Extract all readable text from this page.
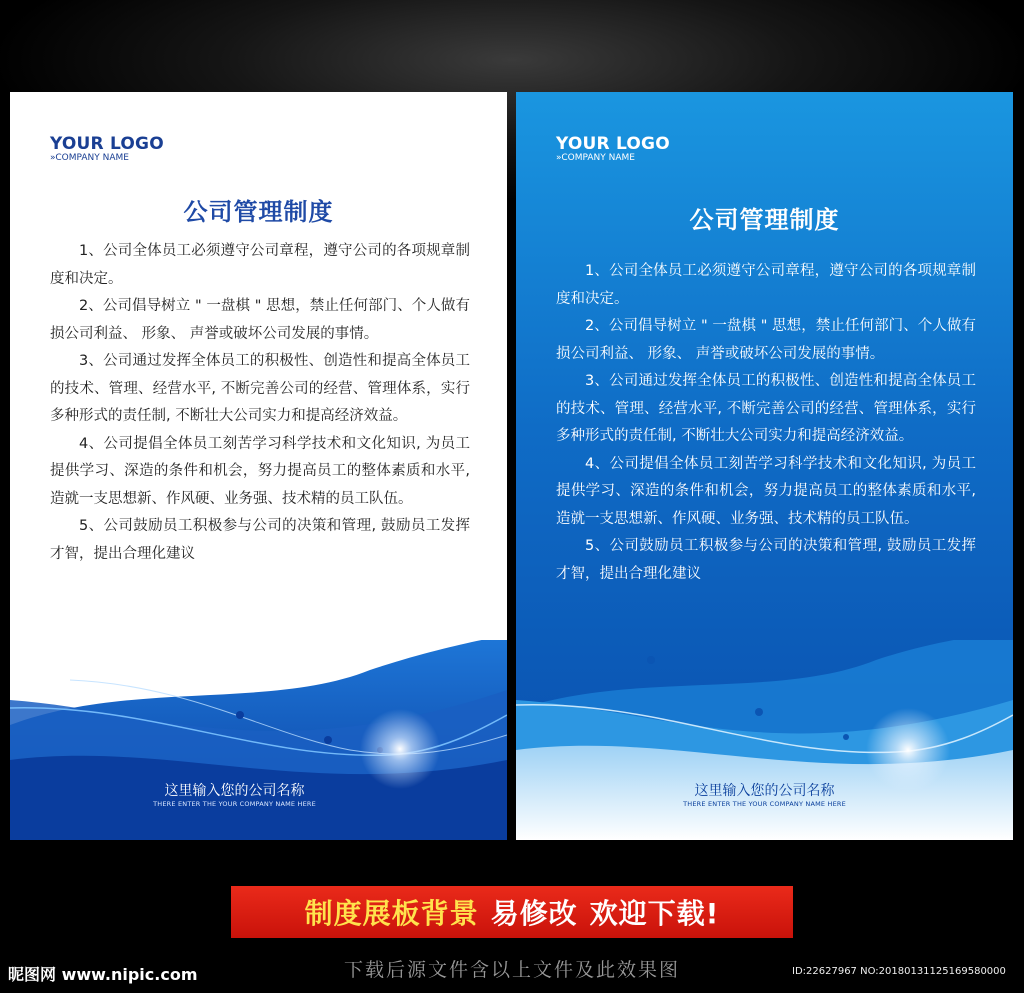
YOUR LOGO
»COMPANY NAME
公司管理制度

1、公司全体员工必须遵守公司章程，遵守公司的各项规章制度和决定。

2、公司倡导树立 " 一盘棋 " 思想，禁止任何部门、个人做有损公司利益、 形象、 声誉或破坏公司发展的事情。

3、公司通过发挥全体员工的积极性、创造性和提高全体员工的技术、管理、经营水平, 不断完善公司的经营、管理体系，实行多种形式的责任制, 不断壮大公司实力和提高经济效益。

4、公司提倡全体员工刻苦学习科学技术和文化知识, 为员工提供学习、深造的条件和机会，努力提高员工的整体素质和水平, 造就一支思想新、作风硬、业务强、技术精的员工队伍。

5、公司鼓励员工积极参与公司的决策和管理, 鼓励员工发挥才智，提出合理化建议

这里输入您的公司名称
THERE ENTER THE YOUR COMPANY NAME HERE
YOUR LOGO
»COMPANY NAME
公司管理制度

1、公司全体员工必须遵守公司章程，遵守公司的各项规章制度和决定。

2、公司倡导树立 " 一盘棋 " 思想，禁止任何部门、个人做有损公司利益、 形象、 声誉或破坏公司发展的事情。

3、公司通过发挥全体员工的积极性、创造性和提高全体员工的技术、管理、经营水平, 不断完善公司的经营、管理体系，实行多种形式的责任制, 不断壮大公司实力和提高经济效益。

4、公司提倡全体员工刻苦学习科学技术和文化知识, 为员工提供学习、深造的条件和机会，努力提高员工的整体素质和水平, 造就一支思想新、作风硬、业务强、技术精的员工队伍。

5、公司鼓励员工积极参与公司的决策和管理, 鼓励员工发挥才智，提出合理化建议

这里输入您的公司名称
THERE ENTER THE YOUR COMPANY NAME HERE
制度展板背景 易修改 欢迎下载!
昵图网 www.nipic.com	下载后源文件含以上文件及此效果图	ID:22627967 NO:20180131125169580000
